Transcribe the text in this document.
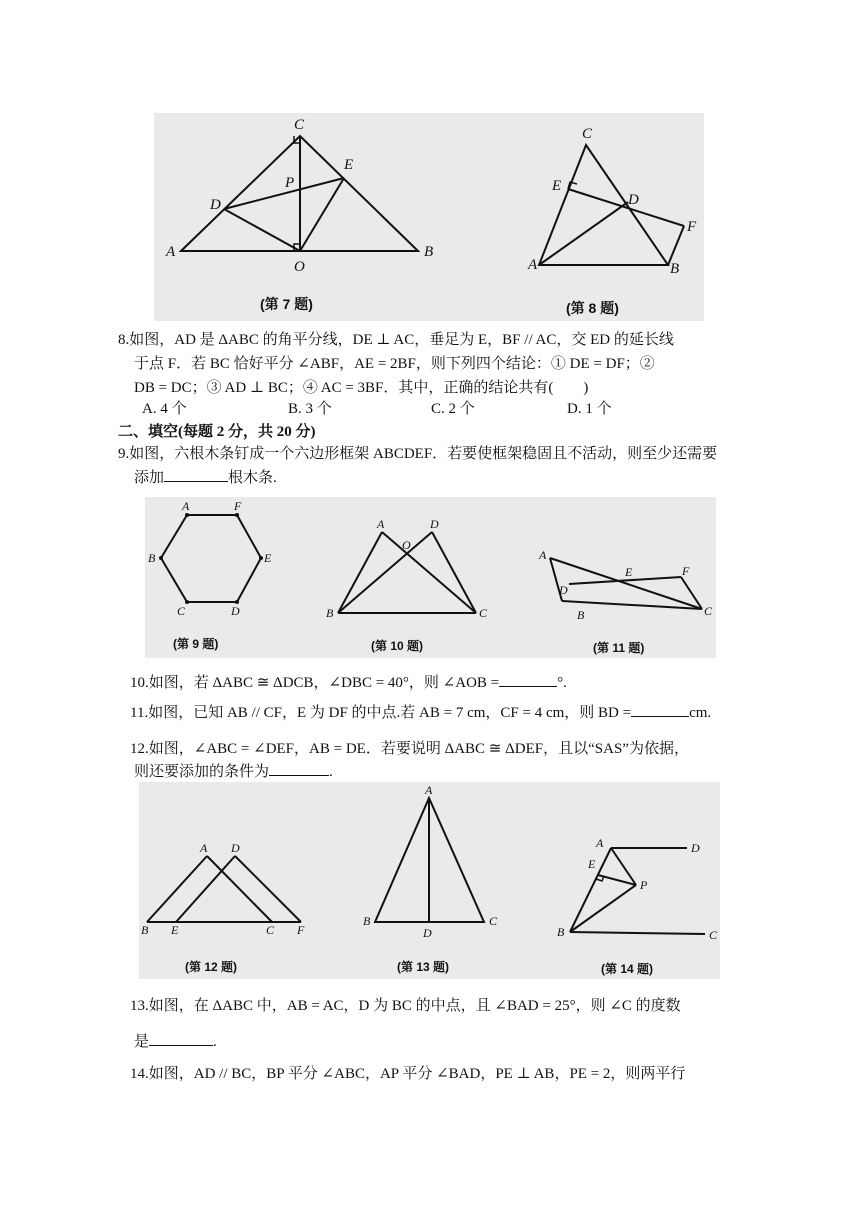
C
E
P
D
A
O
B
(第 7 题)
C
E
D
F
A	B
(第 8 题)
8.如图，AD 是 ΔABC 的角平分线，DE ⊥ AC，垂足为 E，BF // AC，交 ED 的延长线
于点 F．若 BC 恰好平分 ∠ABF，AE = 2BF，则下列四个结论：① DE = DF；②
DB = DC；③ AD ⊥ BC；④ AC = 3BF．其中，正确的结论共有(　　)
A. 4 个	B. 3 个	C. 2 个	D. 1 个
二、填空(每题 2 分，共 20 分)
9.如图，六根木条钉成一个六边形框架 ABCDEF．若要使框架稳固且不活动，则至少还需要
添加	根木条.
A	F
B	E
C	D
(第 9 题)
A	D
O
B	C
(第 10 题)
A
E	F
D
B	C
(第 11 题)
10.如图，若 ΔABC ≅ ΔDCB，∠DBC = 40°，则 ∠AOB =	°.
11.如图，已知 AB // CF，E 为 DF 的中点.若 AB = 7 cm，CF = 4 cm，则 BD =	cm.
12.如图，∠ABC = ∠DEF，AB = DE．若要说明 ΔABC ≅ ΔDEF，且以“SAS”为依据，
则还要添加的条件为	.
A D
B E	C F
(第 12 题)
A
B
D
C
(第 13 题)
A	D
E
P
B	C
(第 14 题)
13.如图，在 ΔABC 中，AB = AC，D 为 BC 的中点，且 ∠BAD = 25°，则 ∠C 的度数
是	.
14.如图，AD // BC，BP 平分 ∠ABC，AP 平分 ∠BAD，PE ⊥ AB，PE = 2，则两平行
